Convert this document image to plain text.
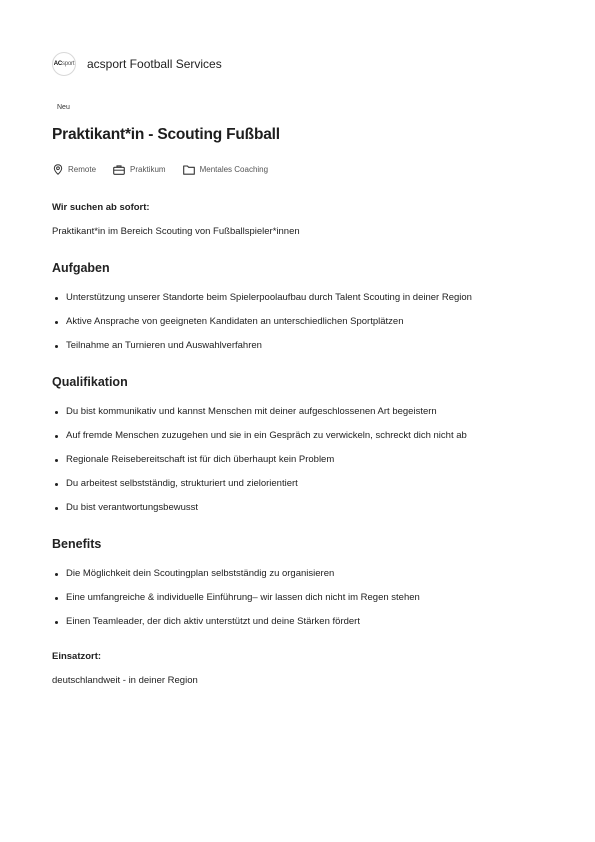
AC sport acsport Football Services
Neu
Praktikant*in - Scouting Fußball
Remote	Praktikum	Mentales Coaching
Wir suchen ab sofort:
Praktikant*in im Bereich Scouting von Fußballspieler*innen
Aufgaben
Unterstützung unserer Standorte beim Spielerpoolaufbau durch Talent Scouting in deiner Region
Aktive Ansprache von geeigneten Kandidaten an unterschiedlichen Sportplätzen
Teilnahme an Turnieren und Auswahlverfahren
Qualifikation
Du bist kommunikativ und kannst Menschen mit deiner aufgeschlossenen Art begeistern
Auf fremde Menschen zuzugehen und sie in ein Gespräch zu verwickeln, schreckt dich nicht ab
Regionale Reisebereitschaft ist für dich überhaupt kein Problem
Du arbeitest selbstständig, strukturiert und zielorientiert
Du bist verantwortungsbewusst
Benefits
Die Möglichkeit dein Scoutingplan selbstständig zu organisieren
Eine umfangreiche & individuelle Einführung– wir lassen dich nicht im Regen stehen
Einen Teamleader, der dich aktiv unterstützt und deine Stärken fördert
Einsatzort:
deutschlandweit - in deiner Region
